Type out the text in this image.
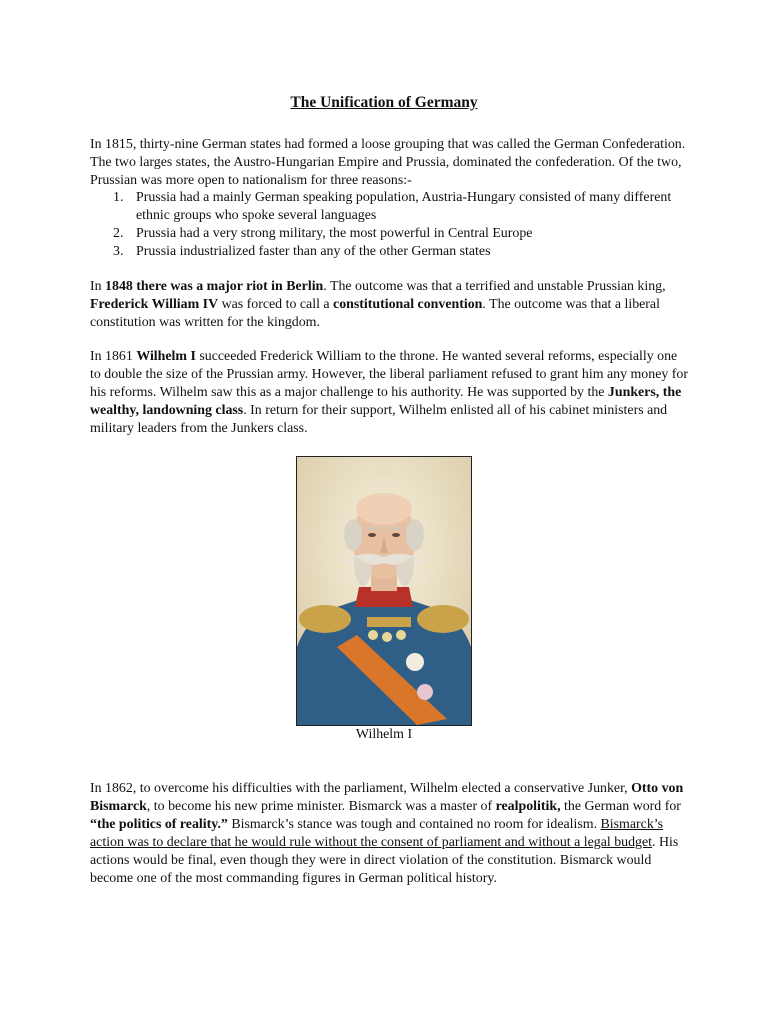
The Unification of Germany
In 1815, thirty-nine German states had formed a loose grouping that was called the German Confederation. The two larges states, the Austro-Hungarian Empire and Prussia, dominated the confederation. Of the two, Prussian was more open to nationalism for three reasons:-
1. Prussia had a mainly German speaking population, Austria-Hungary consisted of many different ethnic groups who spoke several languages
2. Prussia had a very strong military, the most powerful in Central Europe
3. Prussia industrialized faster than any of the other German states
In 1848 there was a major riot in Berlin. The outcome was that a terrified and unstable Prussian king, Frederick William IV was forced to call a constitutional convention. The outcome was that a liberal constitution was written for the kingdom.
In 1861 Wilhelm I succeeded Frederick William to the throne. He wanted several reforms, especially one to double the size of the Prussian army. However, the liberal parliament refused to grant him any money for his reforms. Wilhelm saw this as a major challenge to his authority. He was supported by the Junkers, the wealthy, landowning class. In return for their support, Wilhelm enlisted all of his cabinet ministers and military leaders from the Junkers class.
Wilhelm I
In 1862, to overcome his difficulties with the parliament, Wilhelm elected a conservative Junker, Otto von Bismarck, to become his new prime minister. Bismarck was a master of realpolitik, the German word for “the politics of reality.” Bismarck’s stance was tough and contained no room for idealism. Bismarck’s action was to declare that he would rule without the consent of parliament and without a legal budget. His actions would be final, even though they were in direct violation of the constitution. Bismarck would become one of the most commanding figures in German political history.
